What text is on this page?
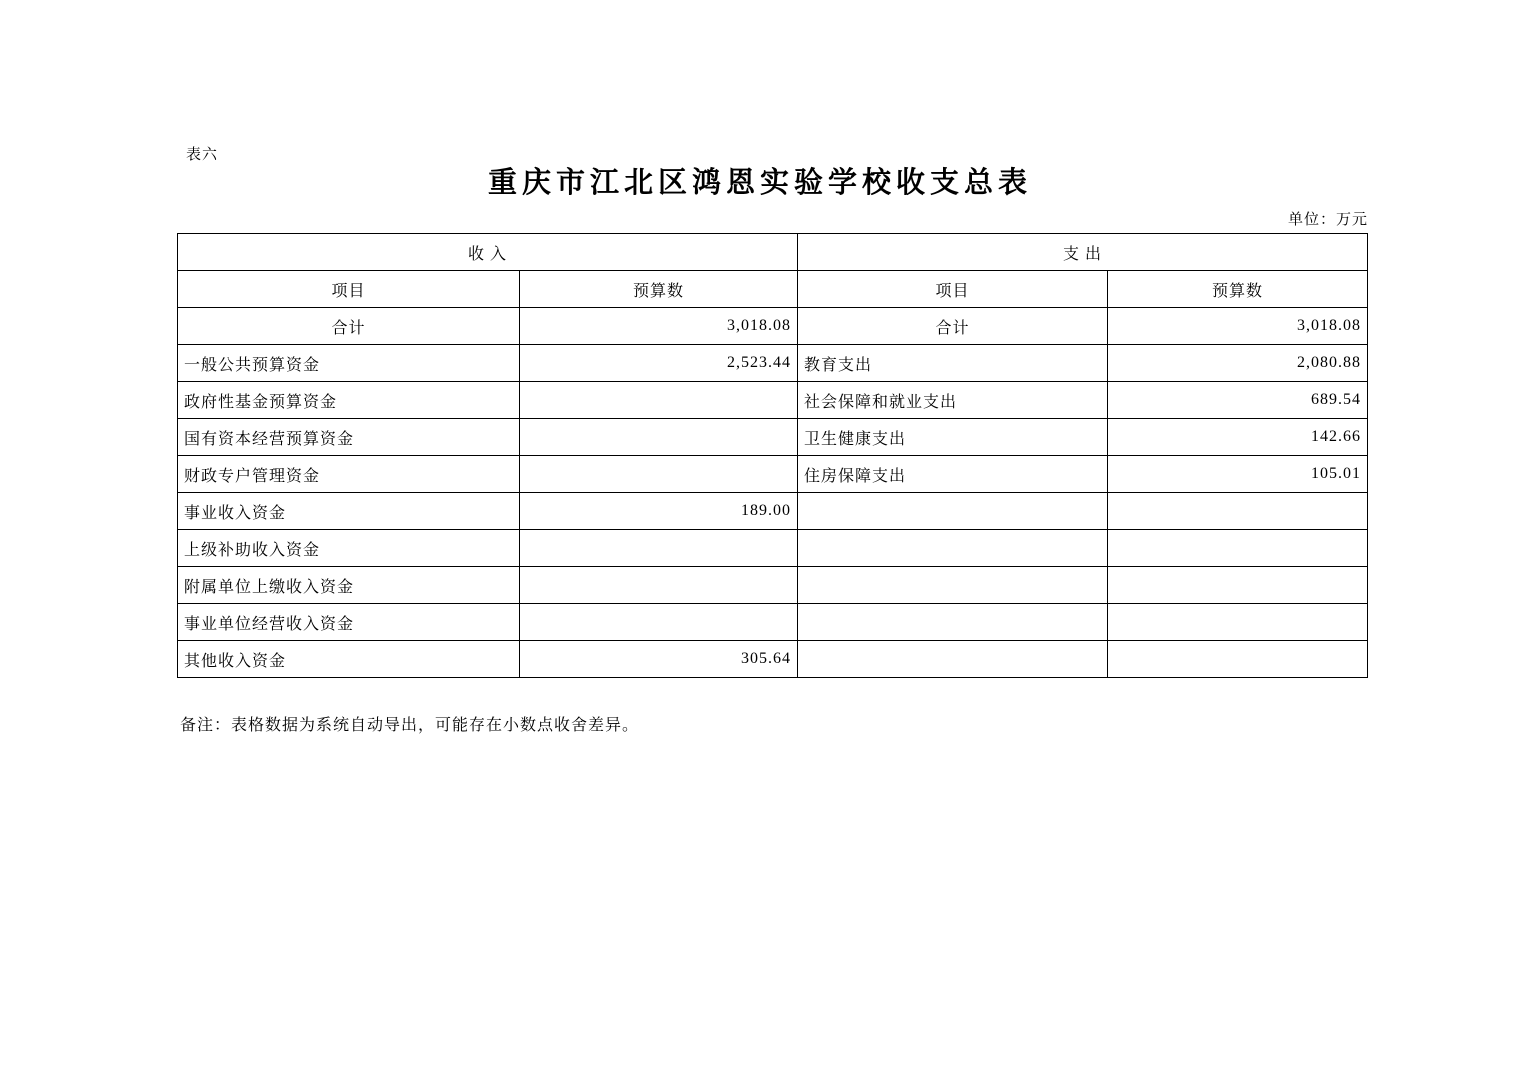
表六
重庆市江北区鸿恩实验学校收支总表
单位：万元
收 入		支 出	
项目	预算数	项目	预算数
合计	3,018.08	合计	3,018.08
一般公共预算资金	2,523.44	教育支出	2,080.88
政府性基金预算资金		社会保障和就业支出	689.54
国有资本经营预算资金		卫生健康支出	142.66
财政专户管理资金		住房保障支出	105.01
事业收入资金	189.00		
上级补助收入资金			
附属单位上缴收入资金			
事业单位经营收入资金			
其他收入资金	305.64		
备注：表格数据为系统自动导出，可能存在小数点收舍差异。
